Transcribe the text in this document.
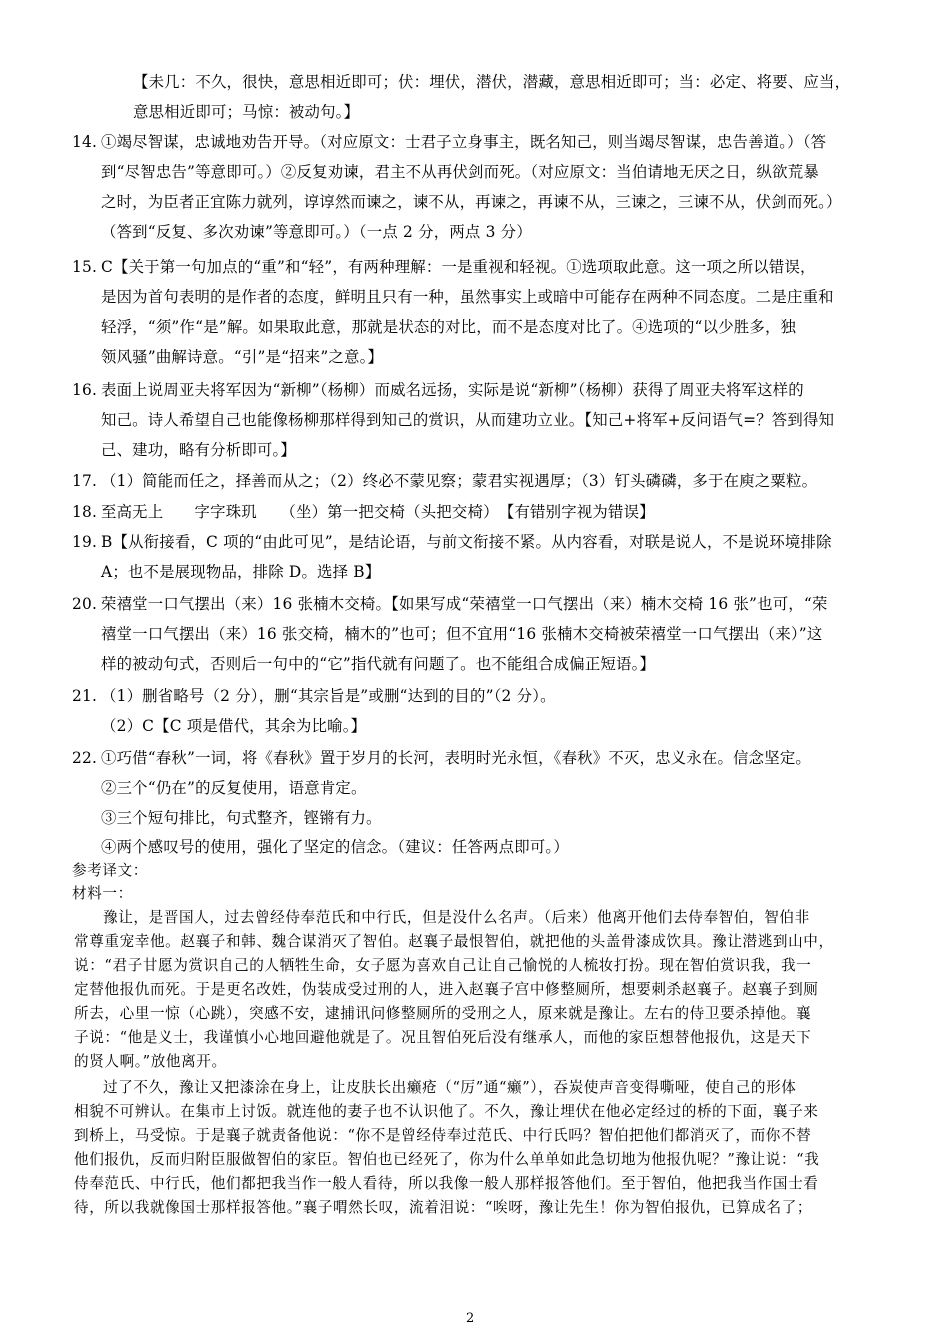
【未几：不久，很快，意思相近即可；伏：埋伏，潜伏，潜藏，意思相近即可；当：必定、将要、应当，
意思相近即可；马惊：被动句。】
14. ①竭尽智谋，忠诚地劝告开导。（对应原文：士君子立身事主，既名知己，则当竭尽智谋，忠告善道。）（答
到“尽智忠告”等意即可。）②反复劝谏，君主不从再伏剑而死。（对应原文：当伯请地无厌之日，纵欲荒暴
之时，为臣者正宜陈力就列，谆谆然而谏之，谏不从，再谏之，再谏不从，三谏之，三谏不从，伏剑而死。）
（答到“反复、多次劝谏”等意即可。）（一点 2 分，两点 3 分）
15. C【关于第一句加点的“重”和“轻”，有两种理解：一是重视和轻视。①选项取此意。这一项之所以错误，
是因为首句表明的是作者的态度，鲜明且只有一种，虽然事实上或暗中可能存在两种不同态度。二是庄重和
轻浮，“须”作“是”解。如果取此意，那就是状态的对比，而不是态度对比了。④选项的“以少胜多，独
领风骚”曲解诗意。“引”是“招来”之意。】
16. 表面上说周亚夫将军因为“新柳”（杨柳）而威名远扬，实际是说“新柳”（杨柳）获得了周亚夫将军这样的
知己。诗人希望自己也能像杨柳那样得到知己的赏识，从而建功立业。【知己+将军+反问语气=？答到得知
己、建功，略有分析即可。】
17. （1）简能而任之，择善而从之；（2）终必不蒙见察；蒙君实视遇厚；（3）钉头磷磷，多于在庾之粟粒。
18. 至高无上　　字字珠玑　　（坐）第一把交椅（头把交椅）　【有错别字视为错误】
19. B【从衔接看，C 项的“由此可见”，是结论语，与前文衔接不紧。从内容看，对联是说人，不是说环境排除
A；也不是展现物品，排除 D。选择 B】
20. 荣禧堂一口气摆出（来）16 张楠木交椅。【如果写成“荣禧堂一口气摆出（来）楠木交椅 16 张”也可，“荣
禧堂一口气摆出（来）16 张交椅，楠木的”也可；但不宜用“16 张楠木交椅被荣禧堂一口气摆出（来）”这
样的被动句式，否则后一句中的“它”指代就有问题了。也不能组合成偏正短语。】
21. （1）删省略号（2 分），删“其宗旨是”或删“达到的目的”（2 分）。
（2）C【C 项是借代，其余为比喻。】
22. ①巧借“春秋”一词，将《春秋》置于岁月的长河，表明时光永恒，《春秋》不灭，忠义永在。信念坚定。
②三个“仍在”的反复使用，语意肯定。
③三个短句排比，句式整齐，铿锵有力。
④两个感叹号的使用，强化了坚定的信念。（建议：任答两点即可。）
参考译文：
材料一：
豫让，是晋国人，过去曾经侍奉范氏和中行氏，但是没什么名声。（后来）他离开他们去侍奉智伯，智伯非
常尊重宠幸他。赵襄子和韩、魏合谋消灭了智伯。赵襄子最恨智伯，就把他的头盖骨漆成饮具。豫让潜逃到山中，
说：“君子甘愿为赏识自己的人牺牲生命，女子愿为喜欢自己让自己愉悦的人梳妆打扮。现在智伯赏识我，我一
定替他报仇而死。于是更名改姓，伪装成受过刑的人，进入赵襄子宫中修整厕所，想要刺杀赵襄子。赵襄子到厕
所去，心里一惊（心跳），突感不安，逮捕讯问修整厕所的受刑之人，原来就是豫让。左右的侍卫要杀掉他。襄
子说：“他是义士，我谨慎小心地回避他就是了。况且智伯死后没有继承人，而他的家臣想替他报仇，这是天下
的贤人啊。”放他离开。
过了不久，豫让又把漆涂在身上，让皮肤长出癞疮（“厉”通“癞”），吞炭使声音变得嘶哑，使自己的形体
相貌不可辨认。在集市上讨饭。就连他的妻子也不认识他了。不久，豫让埋伏在他必定经过的桥的下面，襄子来
到桥上，马受惊。于是襄子就责备他说：“你不是曾经侍奉过范氏、中行氏吗？智伯把他们都消灭了，而你不替
他们报仇，反而归附臣服做智伯的家臣。智伯也已经死了，你为什么单单如此急切地为他报仇呢？”豫让说：“我
侍奉范氏、中行氏，他们都把我当作一般人看待，所以我像一般人那样报答他们。至于智伯，他把我当作国士看
待，所以我就像国士那样报答他。”襄子喟然长叹，流着泪说：“唉呀，豫让先生！你为智伯报仇，已算成名了；
2
